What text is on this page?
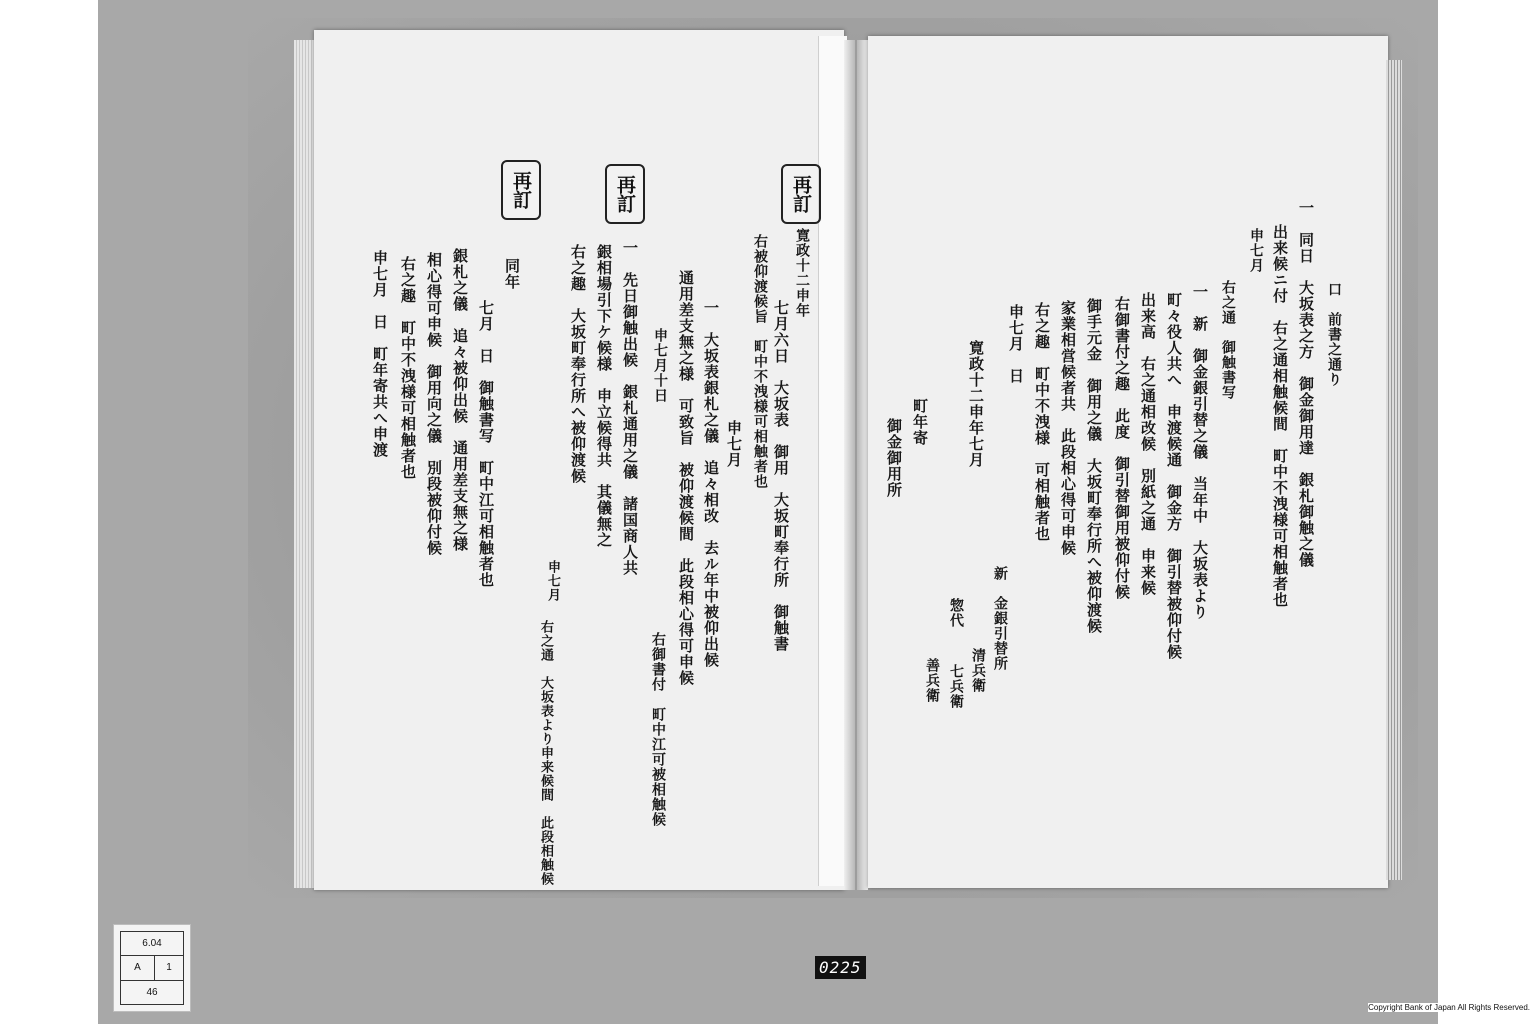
再訂
再訂
再訂
寛政十二申年
七月六日　大坂表　御用　大坂町奉行所　御触書
右被仰渡候旨　町中不洩様可相触者也
申七月
一　大坂表銀札之儀　追々相改　去ル年中被仰出候
通用差支無之様　可致旨　被仰渡候間　此段相心得可申候
申七月十日
右御書付　町中江可被相触候
一　先日御触出候　銀札通用之儀　諸国商人共
銀相場引下ケ候様　申立候得共　其儀無之
右之趣　大坂町奉行所へ被仰渡候
申七月
右之通　大坂表より申来候間　此段相触候
同年
七月　日　御触書写　町中江可相触者也
銀札之儀　追々被仰出候　通用差支無之様
相心得可申候　御用向之儀　別段被仰付候
右之趣　町中不洩様可相触者也
申七月　日　町年寄共へ申渡	口　前書之通り　
一　同日　大坂表之方　御金御用達　銀札御触之儀
出来候ニ付　右之通相触候間　町中不洩様可相触者也
申七月
右之通　御触書写
一　新　御金銀引替之儀　当年中　大坂表より
町々役人共へ　申渡候通　御金方　御引替被仰付候
出来高　右之通相改候　別紙之通　申来候
右御書付之趣　此度　御引替御用被仰付候
御手元金　御用之儀　大坂町奉行所へ被仰渡候
家業相営候者共　此段相心得可申候
右之趣　町中不洩様　可相触者也
申七月　日
寛政十二申年七月
町年寄
御金御用所
新　金銀引替所
惣代
清兵衛
七兵衛
善兵衛
6.04
A	1
46
0225
Copyright Bank of Japan All Rights Reserved.
